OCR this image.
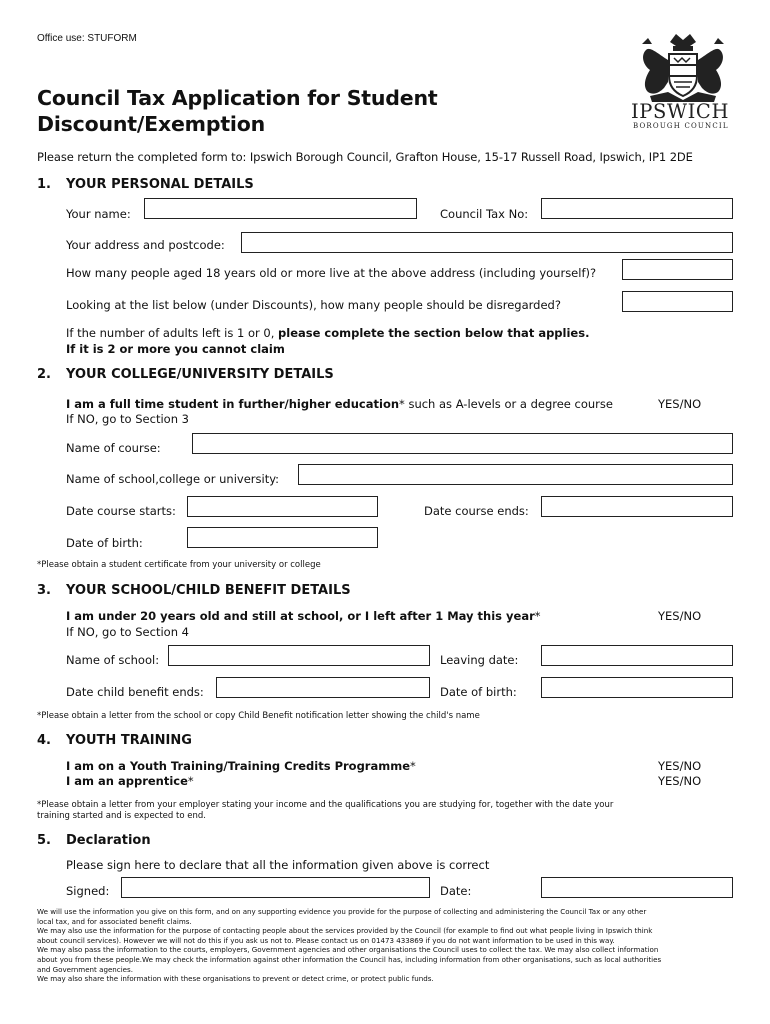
Office use: STUFORM
Council Tax Application for Student
Discount/Exemption
IPSWICH
BOROUGH COUNCIL
Please return the completed form to: Ipswich Borough Council, Grafton House, 15-17 Russell Road, Ipswich, IP1 2DE
1. YOUR PERSONAL DETAILS
Your name:	Council Tax No:
Your address and postcode:
How many people aged 18 years old or more live at the above address (including yourself)?
Looking at the list below (under Discounts), how many people should be disregarded?
If the number of adults left is 1 or 0, please complete the section below that applies.
If it is 2 or more you cannot claim
2. YOUR COLLEGE/UNIVERSITY DETAILS
I am a full time student in further/higher education* such as A-levels or a degree course	YES/NO
If NO, go to Section 3
Name of course:
Name of school,college or university:
Date course starts:	Date course ends:
Date of birth:
*Please obtain a student certificate from your university or college
3. YOUR SCHOOL/CHILD BENEFIT DETAILS
I am under 20 years old and still at school, or I left after 1 May this year*	YES/NO
If NO, go to Section 4
Name of school:	Leaving date:
Date child benefit ends:	Date of birth:
*Please obtain a letter from the school or copy Child Benefit notification letter showing the child's name
4. YOUTH TRAINING
I am on a Youth Training/Training Credits Programme*	YES/NO
I am an apprentice*	YES/NO
*Please obtain a letter from your employer stating your income and the qualifications you are studying for, together with the date your
training started and is expected to end.
5. Declaration
Please sign here to declare that all the information given above is correct
Signed:	Date:
We will use the information you give on this form, and on any supporting evidence you provide for the purpose of collecting and administering the Council Tax or any other
local tax, and for associated benefit claims.
We may also use the information for the purpose of contacting people about the services provided by the Council (for example to find out what people living in Ipswich think
about council services). However we will not do this if you ask us not to. Please contact us on 01473 433869 if you do not want information to be used in this way.
We may also pass the information to the courts, employers, Government agencies and other organisations the Council uses to collect the tax. We may also collect information
about you from these people.We may check the information against other information the Council has, including information from other organisations, such as local authorities
and Government agencies.
We may also share the information with these organisations to prevent or detect crime, or protect public funds.
